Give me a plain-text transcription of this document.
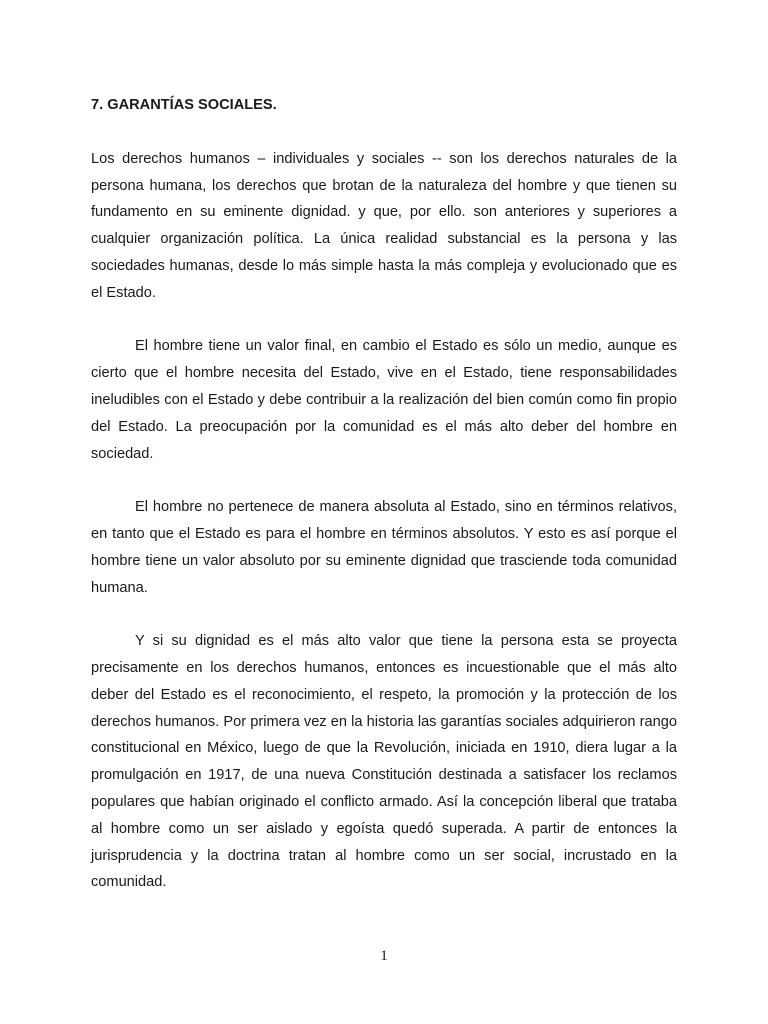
7. GARANTÍAS SOCIALES.

Los derechos humanos – individuales y sociales -- son los derechos naturales de la persona humana, los derechos que brotan de la naturaleza del hombre y que tienen su fundamento en su eminente dignidad. y que, por ello. son anteriores y superiores a cualquier organización política. La única realidad substancial es la persona y las sociedades humanas, desde lo más simple hasta la más compleja y evolucionado que es el Estado.

El hombre tiene un valor final, en cambio el Estado es sólo un medio, aunque es cierto que el hombre necesita del Estado, vive en el Estado, tiene responsabilidades ineludibles con el Estado y debe contribuir a la realización del bien común como fin propio del Estado. La preocupación por la comunidad es el más alto deber del hombre en sociedad.

El hombre no pertenece de manera absoluta al Estado, sino en términos relativos, en tanto que el Estado es para el hombre en términos absolutos. Y esto es así porque el hombre tiene un valor absoluto por su eminente dignidad que trasciende toda comunidad humana.

Y si su dignidad es el más alto valor que tiene la persona esta se proyecta precisamente en los derechos humanos, entonces es incuestionable que el más alto deber del Estado es el reconocimiento, el respeto, la promoción y la protección de los derechos humanos. Por primera vez en la historia las garantías sociales adquirieron rango constitucional en México, luego de que la Revolución, iniciada en 1910, diera lugar a la promulgación en 1917, de una nueva Constitución destinada a satisfacer los reclamos populares que habían originado el conflicto armado. Así la concepción liberal que trataba al hombre como un ser aislado y egoísta quedó superada. A partir de entonces la jurisprudencia y la doctrina tratan al hombre como un ser social, incrustado en la comunidad.

1
